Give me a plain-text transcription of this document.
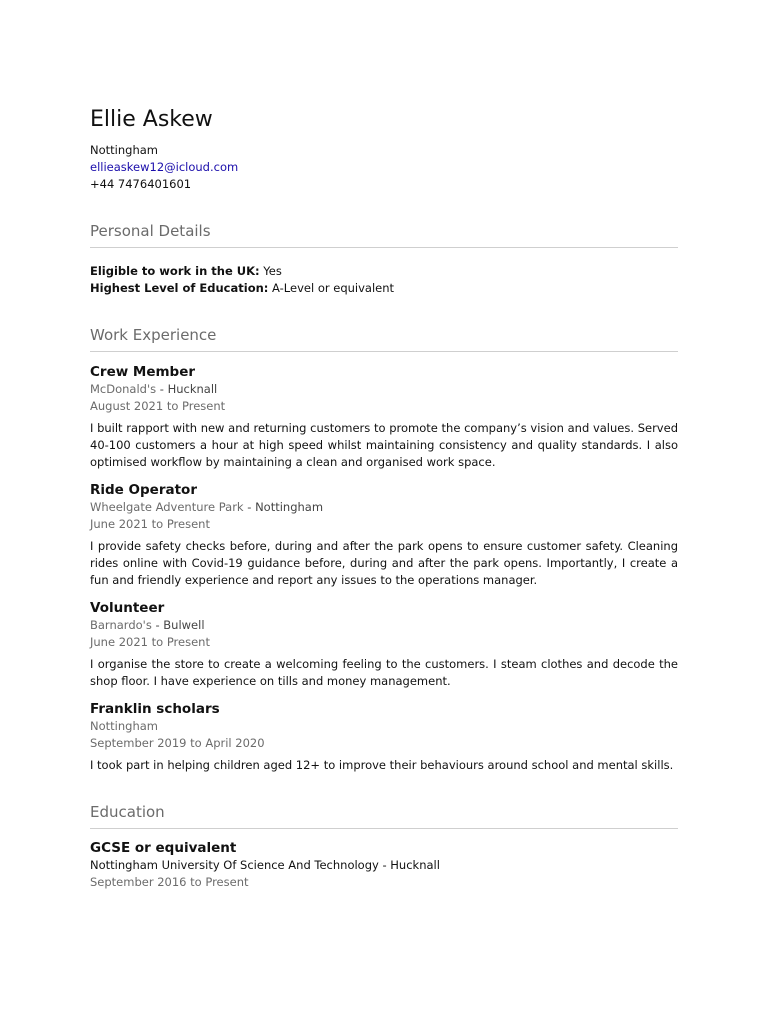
Ellie Askew

Nottingham

ellieaskew12@icloud.com

+44 7476401601

Personal Details

Eligible to work in the UK: Yes

Highest Level of Education: A-Level or equivalent

Work Experience

Crew Member

McDonald's - Hucknall

August 2021 to Present

I built rapport with new and returning customers to promote the company’s vision and values. Served 40-100 customers a hour at high speed whilst maintaining consistency and quality standards. I also optimised workflow by maintaining a clean and organised work space.

Ride Operator

Wheelgate Adventure Park - Nottingham

June 2021 to Present

I provide safety checks before, during and after the park opens to ensure customer safety. Cleaning rides online with Covid-19 guidance before, during and after the park opens. Importantly, I create a fun and friendly experience and report any issues to the operations manager.

Volunteer

Barnardo's - Bulwell

June 2021 to Present

I organise the store to create a welcoming feeling to the customers. I steam clothes and decode the shop floor. I have experience on tills and money management.

Franklin scholars

Nottingham

September 2019 to April 2020

I took part in helping children aged 12+ to improve their behaviours around school and mental skills.

Education

GCSE or equivalent

Nottingham University Of Science And Technology - Hucknall

September 2016 to Present
